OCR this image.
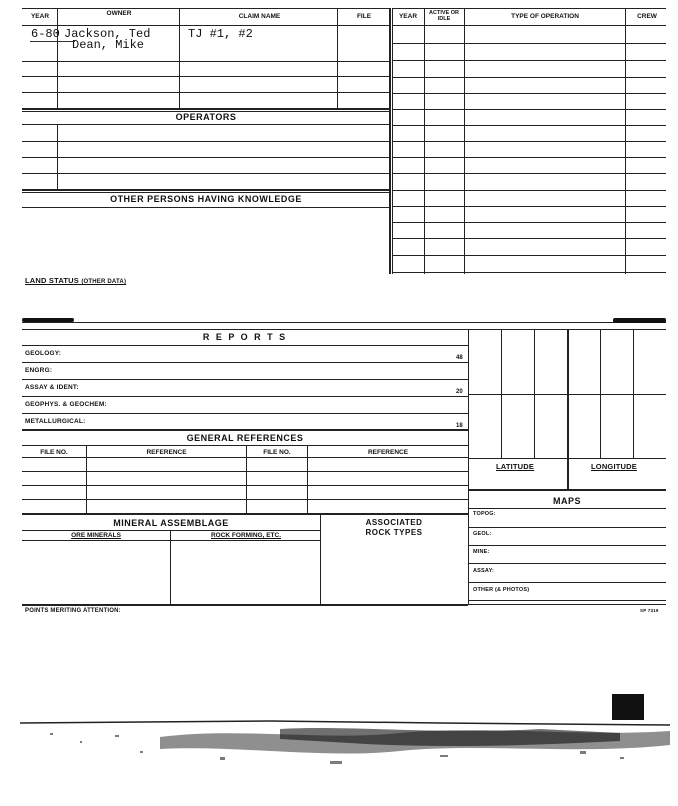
YEAR	OWNER	CLAIM NAME	FILE
6-80 Jackson, Ted	TJ #1, #2
Dean, Mike
OPERATORS
OTHER PERSONS HAVING KNOWLEDGE
YEAR	ACTIVE OR IDLE	TYPE OF OPERATION	CREW
LAND STATUS (OTHER DATA)
R E P O R T S
GEOLOGY:
48
ENGRG:
ASSAY & IDENT:
20
GEOPHYS. & GEOCHEM:
METALLURGICAL:
18
GENERAL REFERENCES
FILE NO.	REFERENCE	FILE NO.	REFERENCE
LATITUDE	LONGITUDE
MAPS
TOPOG:
GEOL:
MINE:
ASSAY:
OTHER (& PHOTOS)
MINERAL ASSEMBLAGE
ORE MINERALS	ROCK FORMING, ETC.
ASSOCIATED
ROCK TYPES
POINTS MERITING ATTENTION:	SP 7319
